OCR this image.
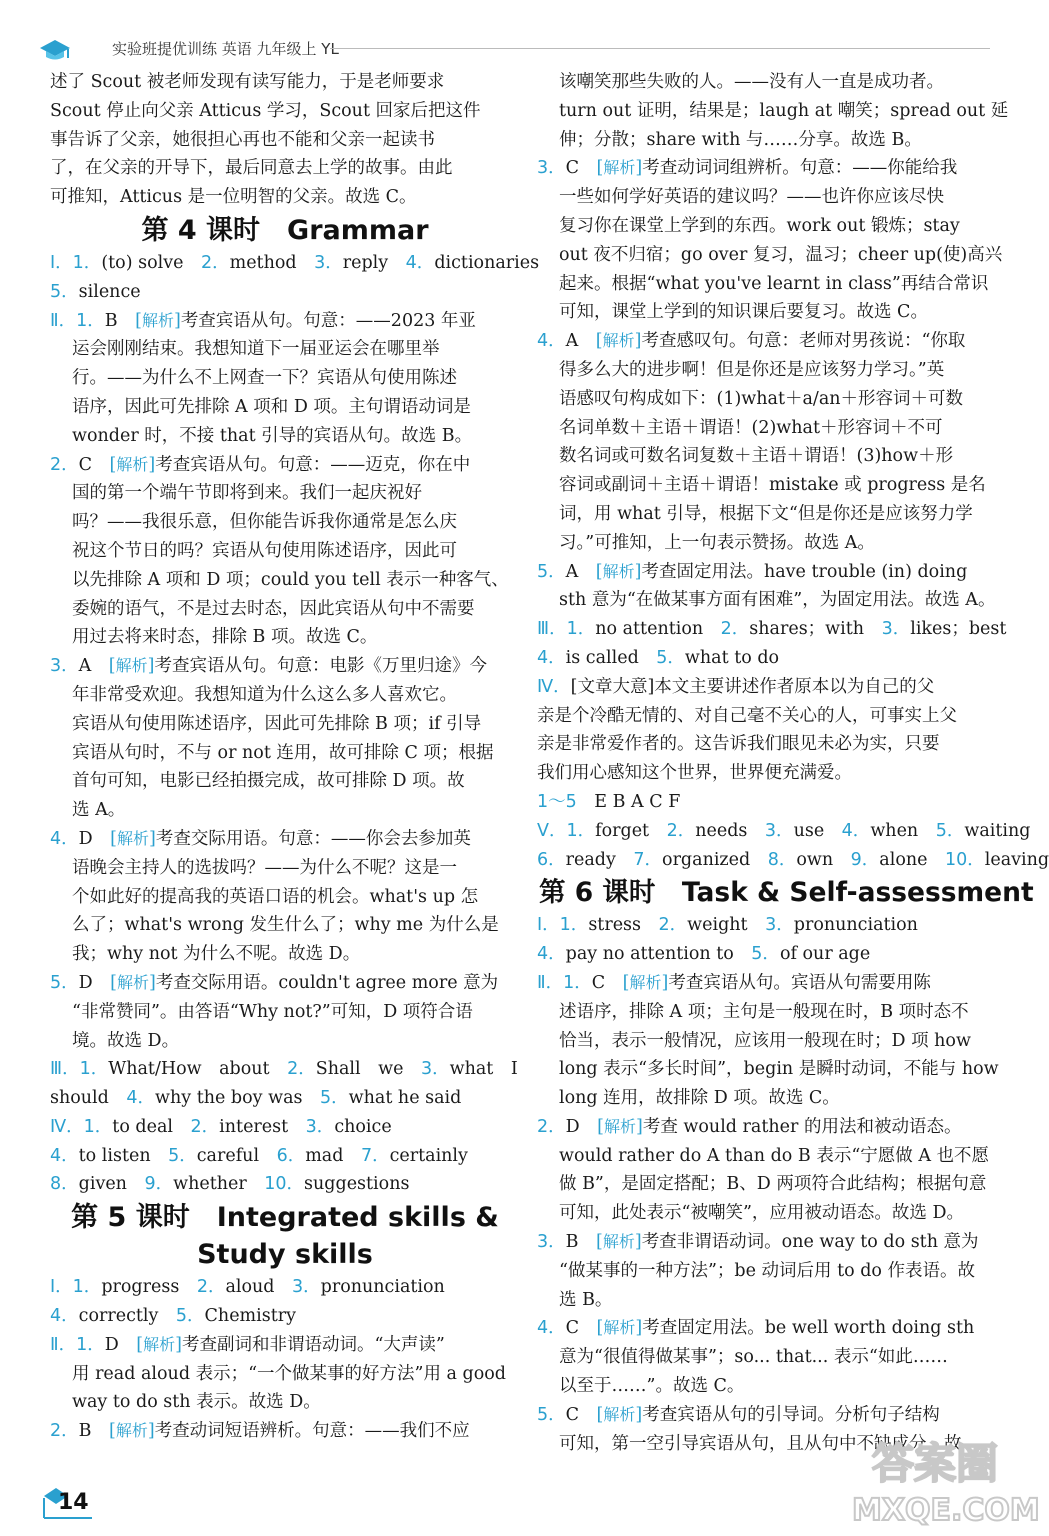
实验班提优训练 英语 九年级上 YL
述了 Scout 被老师发现有读写能力，于是老师要求
Scout 停止向父亲 Atticus 学习，Scout 回家后把这件
事告诉了父亲，她很担心再也不能和父亲一起读书
了，在父亲的开导下，最后同意去上学的故事。由此
可推知，Atticus 是一位明智的父亲。故选 C。
第 4 课时　Grammar
Ⅰ．1．(to) solve　2．method　3．reply　4．dictionaries
5．silence
Ⅱ．1．B　[解析]考查宾语从句。句意：——2023 年亚
运会刚刚结束。我想知道下一届亚运会在哪里举
行。——为什么不上网查一下？宾语从句使用陈述
语序，因此可先排除 A 项和 D 项。主句谓语动词是
wonder 时，不接 that 引导的宾语从句。故选 B。
2．C　[解析]考查宾语从句。句意：——迈克，你在中
国的第一个端午节即将到来。我们一起庆祝好
吗？——我很乐意，但你能告诉我你通常是怎么庆
祝这个节日的吗？宾语从句使用陈述语序，因此可
以先排除 A 项和 D 项；could you tell 表示一种客气、
委婉的语气，不是过去时态，因此宾语从句中不需要
用过去将来时态，排除 B 项。故选 C。
3．A　[解析]考查宾语从句。句意：电影《万里归途》今
年非常受欢迎。我想知道为什么这么多人喜欢它。
宾语从句使用陈述语序，因此可先排除 B 项；if 引导
宾语从句时，不与 or not 连用，故可排除 C 项；根据
首句可知，电影已经拍摄完成，故可排除 D 项。故
选 A。
4．D　[解析]考查交际用语。句意：——你会去参加英
语晚会主持人的选拔吗？——为什么不呢？这是一
个如此好的提高我的英语口语的机会。what's up 怎
么了；what's wrong 发生什么了；why me 为什么是
我；why not 为什么不呢。故选 D。
5．D　[解析]考查交际用语。couldn't agree more 意为
“非常赞同”。由答语“Why not?”可知，D 项符合语
境。故选 D。
Ⅲ．1．What/How　about　2．Shall　we　3．what　I
should　4．why the boy was　5．what he said
Ⅳ．1．to deal　2．interest　3．choice
4．to listen　5．careful　6．mad　7．certainly
8．given　9．whether　10．suggestions
第 5 课时　Integrated skills &
Study skills
Ⅰ．1．progress　2．aloud　3．pronunciation
4．correctly　5．Chemistry
Ⅱ．1．D　[解析]考查副词和非谓语动词。“大声读”
用 read aloud 表示；“一个做某事的好方法”用 a good
way to do sth 表示。故选 D。
2．B　[解析]考查动词短语辨析。句意：——我们不应
该嘲笑那些失败的人。——没有人一直是成功者。
turn out 证明，结果是；laugh at 嘲笑；spread out 延
伸；分散；share with 与……分享。故选 B。
3．C　[解析]考查动词词组辨析。句意：——你能给我
一些如何学好英语的建议吗？——也许你应该尽快
复习你在课堂上学到的东西。work out 锻炼；stay
out 夜不归宿；go over 复习，温习；cheer up(使)高兴
起来。根据“what you've learnt in class”再结合常识
可知，课堂上学到的知识课后要复习。故选 C。
4．A　[解析]考查感叹句。句意：老师对男孩说：“你取
得多么大的进步啊！但是你还是应该努力学习。”英
语感叹句构成如下：(1)what＋a/an＋形容词＋可数
名词单数＋主语＋谓语！(2)what＋形容词＋不可
数名词或可数名词复数＋主语＋谓语！(3)how＋形
容词或副词＋主语＋谓语！mistake 或 progress 是名
词，用 what 引导，根据下文“但是你还是应该努力学
习。”可推知，上一句表示赞扬。故选 A。
5．A　[解析]考查固定用法。have trouble (in) doing
sth 意为“在做某事方面有困难”，为固定用法。故选 A。
Ⅲ．1．no attention　2．shares；with　3．likes；best
4．is called　5．what to do
Ⅳ．[文章大意]本文主要讲述作者原本以为自己的父
亲是个冷酷无情的、对自己毫不关心的人，可事实上父
亲是非常爱作者的。这告诉我们眼见未必为实，只要
我们用心感知这个世界，世界便充满爱。
1～5　E B A C F
Ⅴ．1．forget　2．needs　3．use　4．when　5．waiting
6．ready　7．organized　8．own　9．alone　10．leaving
第 6 课时　Task & Self-assessment
Ⅰ．1．stress　2．weight　3．pronunciation
4．pay no attention to　5．of our age
Ⅱ．1．C　[解析]考查宾语从句。宾语从句需要用陈
述语序，排除 A 项；主句是一般现在时，B 项时态不
恰当，表示一般情况，应该用一般现在时；D 项 how
long 表示“多长时间”，begin 是瞬时动词，不能与 how
long 连用，故排除 D 项。故选 C。
2．D　[解析]考查 would rather 的用法和被动语态。
would rather do A than do B 表示“宁愿做 A 也不愿
做 B”，是固定搭配；B、D 两项符合此结构；根据句意
可知，此处表示“被嘲笑”，应用被动语态。故选 D。
3．B　[解析]考查非谓语动词。one way to do sth 意为
“做某事的一种方法”；be 动词后用 to do 作表语。故
选 B。
4．C　[解析]考查固定用法。be well worth doing sth
意为“很值得做某事”；so... that... 表示“如此……
以至于……”。故选 C。
5．C　[解析]考查宾语从句的引导词。分析句子结构
可知，第一空引导宾语从句，且从句中不缺成分，故
14
答案圈
MXQE.COM
